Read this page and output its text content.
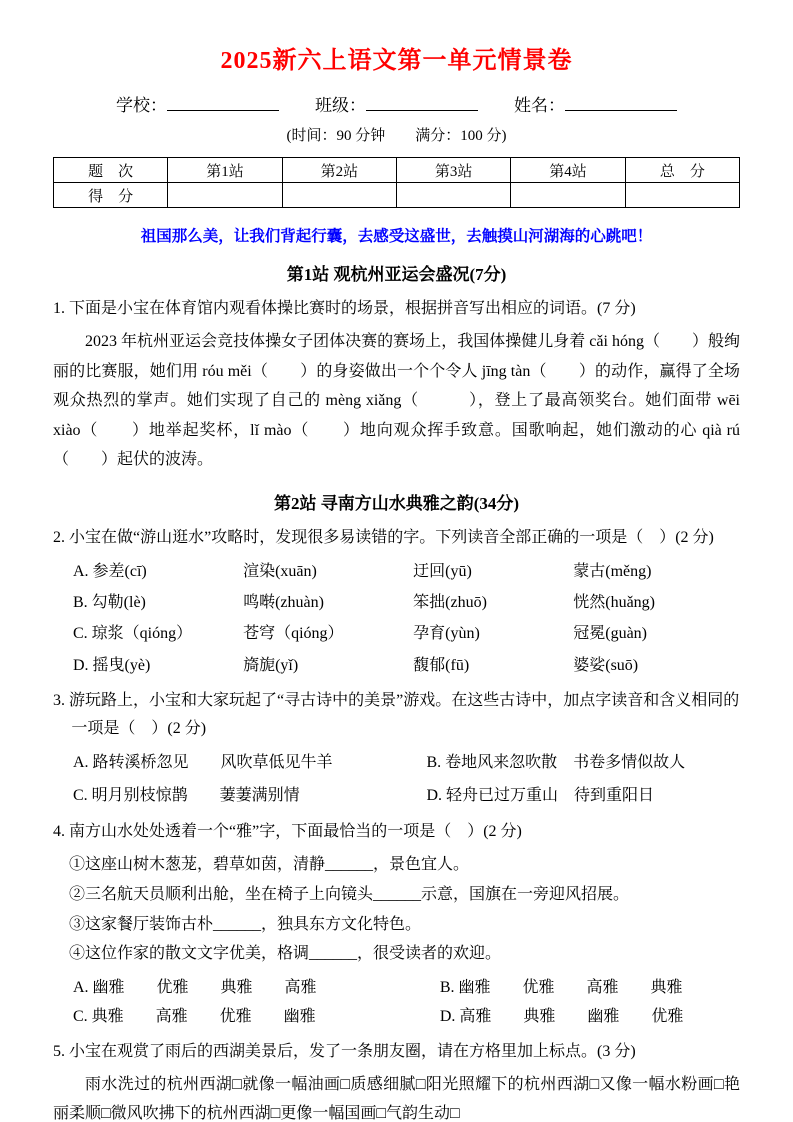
2025新六上语文第一单元情景卷
学校：	班级：	姓名：
(时间：90 分钟　　满分：100 分)
题　次	第1站	第2站	第3站	第4站	总　分
得　分					
祖国那么美，让我们背起行囊，去感受这盛世，去触摸山河湖海的心跳吧！
第1站 观杭州亚运会盛况(7分)

1. 下面是小宝在体育馆内观看体操比赛时的场景，根据拼音写出相应的词语。(7 分)

2023 年杭州亚运会竞技体操女子团体决赛的赛场上，我国体操健儿身着 cǎi hóng（　　）般绚丽的比赛服，她们用 róu měi（　　）的身姿做出一个个令人 jīng tàn（　　）的动作，赢得了全场观众热烈的掌声。她们实现了自己的 mèng xiǎng（　　　），登上了最高领奖台。她们面带 wēi xiào（　　）地举起奖杯，lǐ mào（　　）地向观众挥手致意。国歌响起，她们激动的心 qià rú（　　）起伏的波涛。

第2站 寻南方山水典雅之韵(34分)

2. 小宝在做“游山逛水”攻略时，发现很多易读错的字。下列读音全部正确的一项是（　）(2 分)

A. 参差(cī)	渲染(xuān)	迂回(yū)	蒙古(měng)
B. 勾勒(lè)	鸣啭(zhuàn)	笨拙(zhuō)	恍然(huǎng)
C. 琼浆（qióng）	苍穹（qióng）	孕育(yùn)	冠冕(guàn)
D. 摇曳(yè)	旖旎(yǐ)	馥郁(fū)	婆娑(suō)

3. 游玩路上，小宝和大家玩起了“寻古诗中的美景”游戏。在这些古诗中，加点字读音和含义相同的一项是（　）(2 分)

A. 路转溪桥忽见　　风吹草低见牛羊	B. 卷地风来忽吹散　书卷多情似故人
C. 明月别枝惊鹊　　萋萋满别情	D. 轻舟已过万重山　待到重阳日

4. 南方山水处处透着一个“雅”字，下面最恰当的一项是（　）(2 分)

①这座山树木葱茏，碧草如茵，清静______，景色宜人。

②三名航天员顺利出舱，坐在椅子上向镜头______示意，国旗在一旁迎风招展。

③这家餐厅装饰古朴______，独具东方文化特色。

④这位作家的散文文字优美，格调______，很受读者的欢迎。

A. 幽雅　　优雅　　典雅　　高雅	B. 幽雅　　优雅　　高雅　　典雅
C. 典雅　　高雅　　优雅　　幽雅	D. 高雅　　典雅　　幽雅　　优雅

5. 小宝在观赏了雨后的西湖美景后，发了一条朋友圈，请在方格里加上标点。(3 分)

雨水洗过的杭州西湖□就像一幅油画□质感细腻□阳光照耀下的杭州西湖□又像一幅水粉画□艳丽柔顺□微风吹拂下的杭州西湖□更像一幅国画□气韵生动□
